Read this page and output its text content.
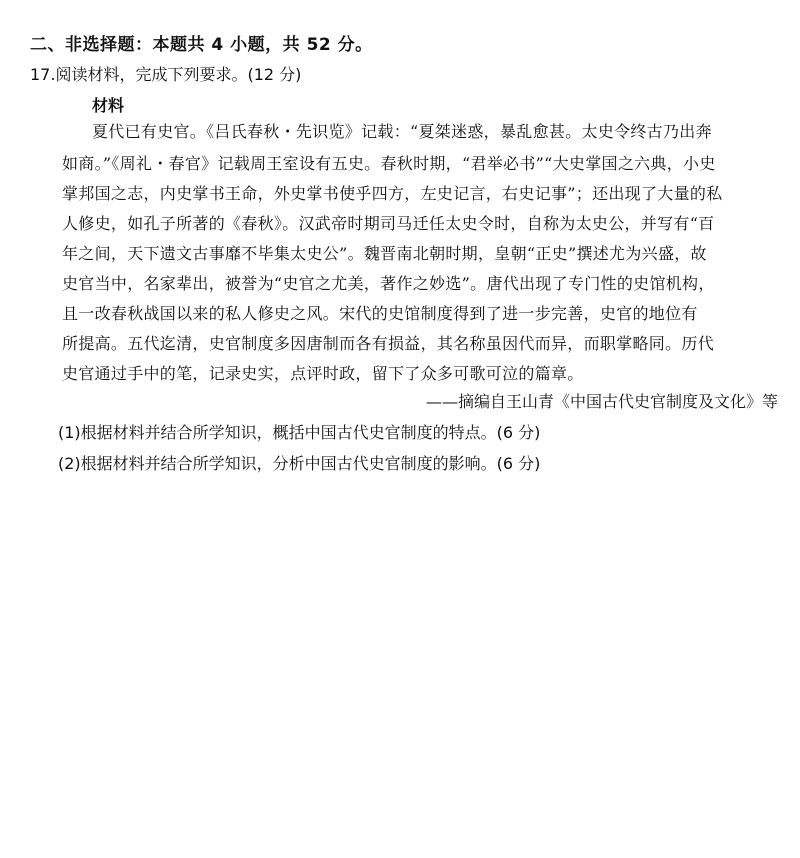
二、非选择题：本题共 4 小题，共 52 分。
17.阅读材料，完成下列要求。(12 分)
材料
夏代已有史官。《吕氏春秋・先识览》记载：“夏桀迷惑，暴乱愈甚。太史令终古乃出奔
如商。”《周礼・春官》记载周王室设有五史。春秋时期，“君举必书”“大史掌国之六典，小史
掌邦国之志，内史掌书王命，外史掌书使乎四方，左史记言，右史记事”；还出现了大量的私
人修史，如孔子所著的《春秋》。汉武帝时期司马迁任太史令时，自称为太史公，并写有“百
年之间，天下遗文古事靡不毕集太史公”。魏晋南北朝时期，皇朝“正史”撰述尤为兴盛，故
史官当中，名家辈出，被誉为“史官之尤美，著作之妙选”。唐代出现了专门性的史馆机构，
且一改春秋战国以来的私人修史之风。宋代的史馆制度得到了进一步完善，史官的地位有
所提高。五代迄清，史官制度多因唐制而各有损益，其名称虽因代而异，而职掌略同。历代
史官通过手中的笔，记录史实，点评时政，留下了众多可歌可泣的篇章。
——摘编自王山青《中国古代史官制度及文化》等
(1)根据材料并结合所学知识，概括中国古代史官制度的特点。(6 分)
(2)根据材料并结合所学知识，分析中国古代史官制度的影响。(6 分)
